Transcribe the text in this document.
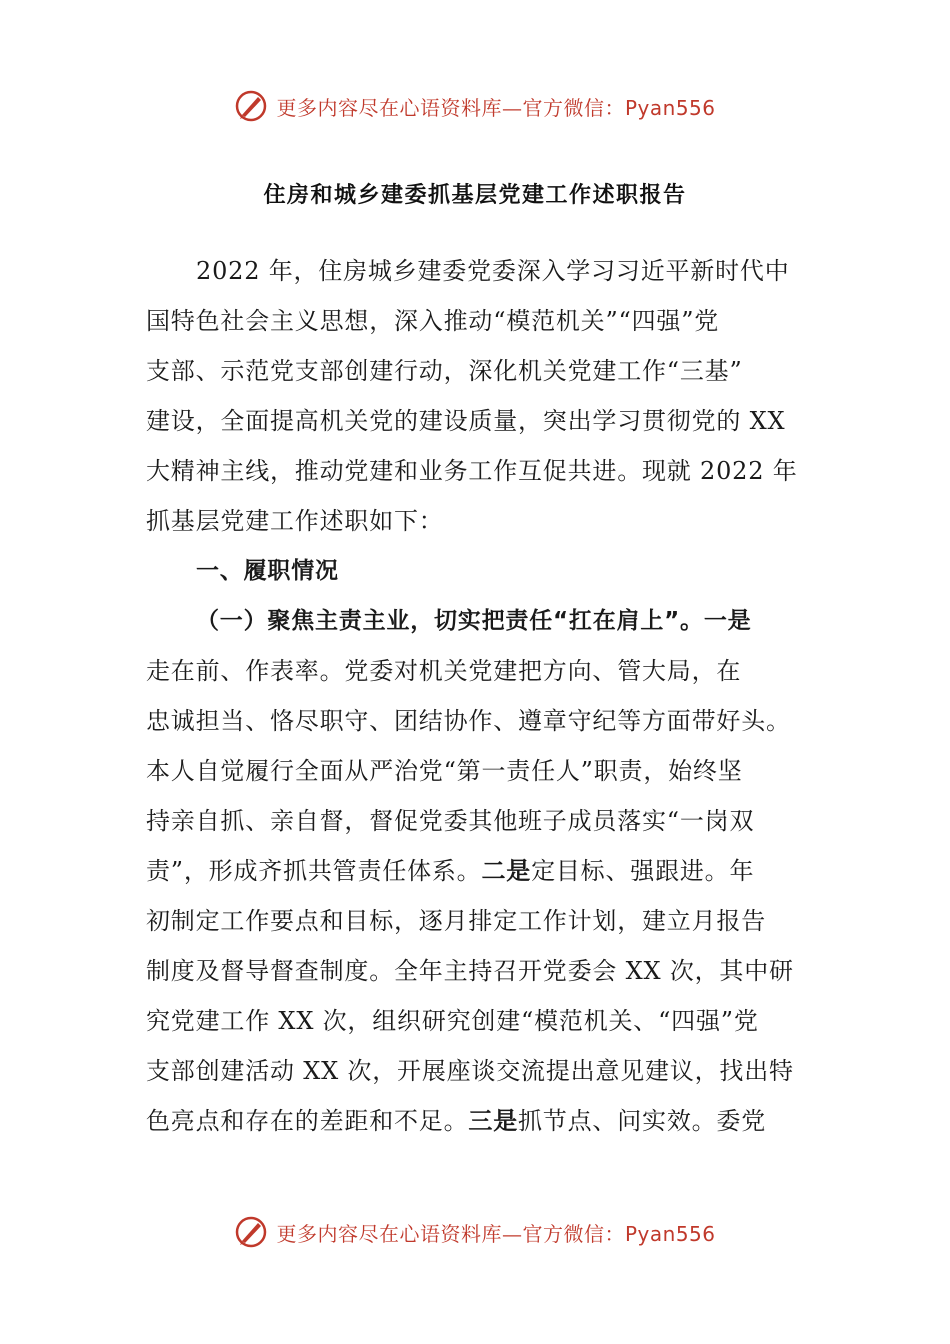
更多内容尽在心语资料库—官方微信：Pyan556
住房和城乡建委抓基层党建工作述职报告
2022 年，住房城乡建委党委深入学习习近平新时代中
国特色社会主义思想，深入推动“模范机关”“四强”党
支部、示范党支部创建行动，深化机关党建工作“三基”
建设，全面提高机关党的建设质量，突出学习贯彻党的 XX
大精神主线，推动党建和业务工作互促共进。现就 2022 年
抓基层党建工作述职如下：
一、履职情况
（一）聚焦主责主业，切实把责任“扛在肩上”。一是
走在前、作表率。党委对机关党建把方向、管大局，在
忠诚担当、恪尽职守、团结协作、遵章守纪等方面带好头。
本人自觉履行全面从严治党“第一责任人”职责，始终坚
持亲自抓、亲自督，督促党委其他班子成员落实“一岗双
责”，形成齐抓共管责任体系。二是定目标、强跟进。年
初制定工作要点和目标，逐月排定工作计划，建立月报告
制度及督导督查制度。全年主持召开党委会 XX 次，其中研
究党建工作 XX 次，组织研究创建“模范机关、“四强”党
支部创建活动 XX 次，开展座谈交流提出意见建议，找出特
色亮点和存在的差距和不足。三是抓节点、问实效。委党
更多内容尽在心语资料库—官方微信：Pyan556
